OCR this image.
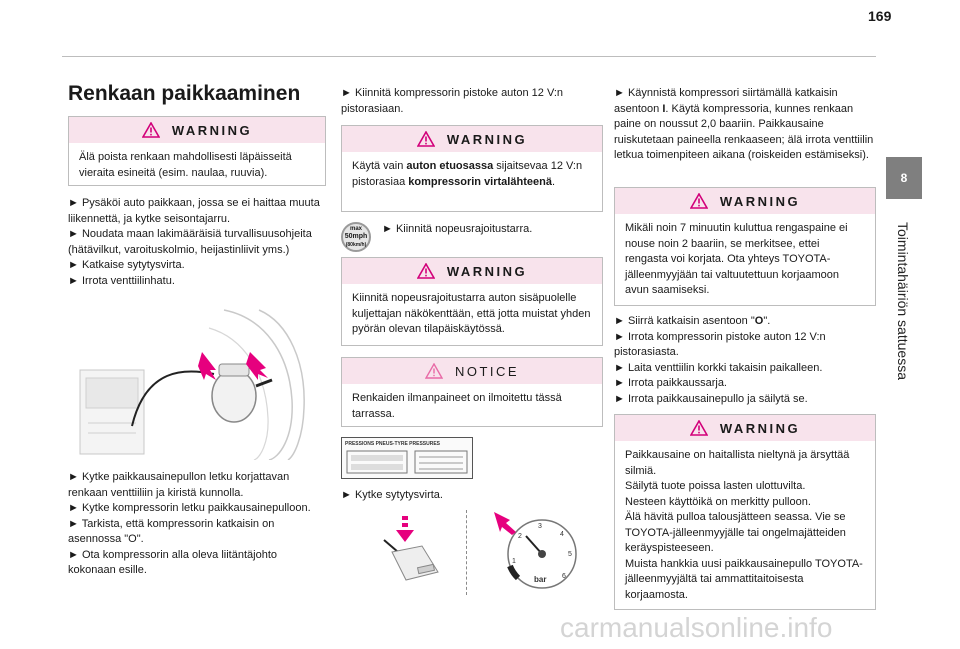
169
8
Toimintahäiriön sattuessa
Renkaan paikkaaminen
WARNING
Älä poista renkaan mahdollisesti läpäisseitä vieraita esineitä (esim. naulaa, ruuvia).

► Pysäköi auto paikkaan, jossa se ei haittaa muuta liikennettä, ja kytke seisontajarru.

► Noudata maan lakimääräisiä turvallisuusohjeita (hätävilkut, varoituskolmio, heijastinliivit yms.)

► Katkaise sytytysvirta.

► Irrota venttiilinhatu.

► Kytke paikkausainepullon letku korjattavan renkaan venttiiliin ja kiristä kunnolla.

► Kytke kompressorin letku paikkausainepulloon.

► Tarkista, että kompressorin katkaisin on asennossa "O".

► Ota kompressorin alla oleva liitäntäjohto kokonaan esille.

► Kiinnitä kompressorin pistoke auton 12 V:n pistorasiaan.
WARNING
Käytä vain auton etuosassa sijaitsevaa 12 V:n pistorasiaa kompressorin virtalähteenä.
max
50mph
(80km/h)
► Kiinnitä nopeusrajoitustarra.
WARNING
Kiinnitä nopeusrajoitustarra auton sisäpuolelle kuljettajan näkökenttään, että jotta muistat yhden pyörän olevan tilapäiskäytössä.
NOTICE
Renkaiden ilmanpaineet on ilmoitettu tässä tarrassa.
PRESSIONS PNEUS-TYRE PRESSURES
► Kytke sytytysvirta.
1
2
3
4
5
6
bar
► Käynnistä kompressori siirtämällä katkaisin asentoon I. Käytä kompressoria, kunnes renkaan paine on noussut 2,0 baariin. Paikkausaine ruiskutetaan paineella renkaaseen; älä irrota venttiilin letkua toimenpiteen aikana (roiskeiden estämiseksi).
WARNING
Mikäli noin 7 minuutin kuluttua rengaspaine ei nouse noin 2 baariin, se merkitsee, ettei rengasta voi korjata. Ota yhteys TOYOTA-jälleenmyyjään tai valtuutettuun korjaamoon avun saamiseksi.

► Siirrä katkaisin asentoon "O".

► Irrota kompressorin pistoke auton 12 V:n pistorasiasta.

► Laita venttiilin korkki takaisin paikalleen.

► Irrota paikkaussarja.

► Irrota paikkausainepullo ja säilytä se.

WARNING
Paikkausaine on haitallista nieltynä ja ärsyttää silmiä.
Säilytä tuote poissa lasten ulottuvilta.
Nesteen käyttöikä on merkitty pulloon.
Älä hävitä pulloa talousjätteen seassa. Vie se TOYOTA-jälleenmyyjälle tai ongelmajätteiden keräyspisteeseen.
Muista hankkia uusi paikkausainepullo TOYOTA-jälleenmyyjältä tai ammattitaitoisesta korjaamosta.
carmanualsonline.info
